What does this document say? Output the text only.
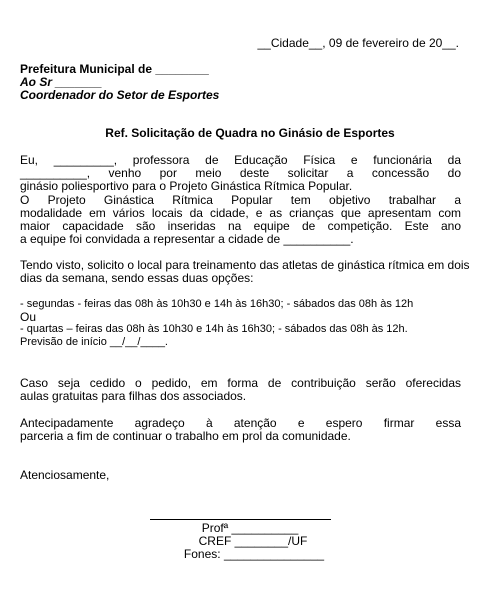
__Cidade__, 09 de fevereiro de 20__.
Prefeitura Municipal de ________
Ao Sr _______
Coordenador do Setor de Esportes
Ref. Solicitação de Quadra no Ginásio de Esportes

Eu, _________, professora de Educação Física e funcionária da

__________, venho por meio deste solicitar a concessão do

ginásio poliesportivo para o Projeto Ginástica Rítmica Popular.

O Projeto Ginástica Rítmica Popular tem objetivo trabalhar a

modalidade em vários locais da cidade, e as crianças que apresentam com

maior capacidade são inseridas na equipe de competição. Este ano

a equipe foi convidada a representar a cidade de __________.

Tendo visto, solicito o local para treinamento das atletas de ginástica rítmica em dois

dias da semana, sendo essas duas opções:

- segundas - feiras das 08h às 10h30 e 14h às 16h30; - sábados das 08h às 12h

Ou

- quartas – feiras das 08h às 10h30 e 14h às 16h30; - sábados das 08h às 12h.

Previsão de início __/__/____.

Caso seja cedido o pedido, em forma de contribuição serão oferecidas

aulas gratuitas para filhas dos associados.

Antecipadamente agradeço à atenção e espero firmar essa

parceria a fim de continuar o trabalho em prol da comunidade.

Atenciosamente,

Profª __________
CREF ________/UF
Fones: _______________
